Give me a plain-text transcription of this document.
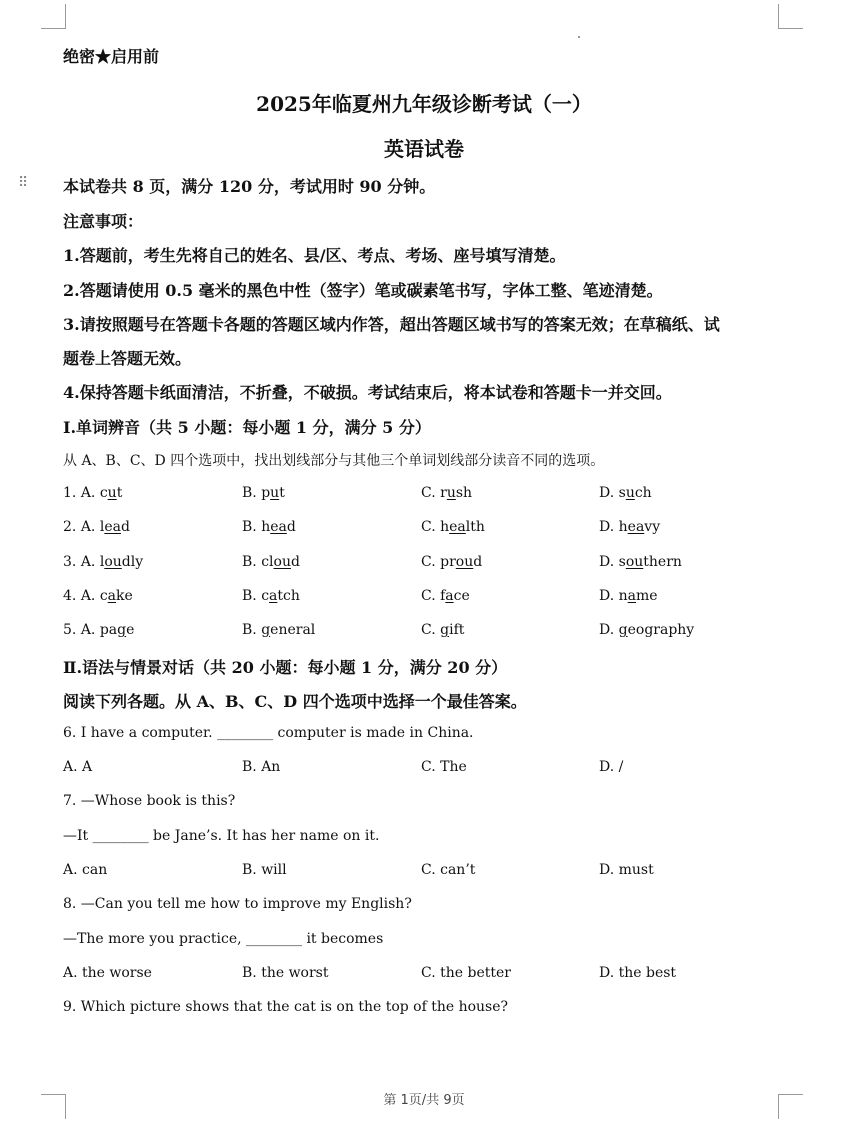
⠿
绝密★启用前
2025年临夏州九年级诊断考试（一）
英语试卷
本试卷共 8 页，满分 120 分，考试用时 90 分钟。
注意事项：
1.答题前，考生先将自己的姓名、县/区、考点、考场、座号填写清楚。
2.答题请使用 0.5 毫米的黑色中性（签字）笔或碳素笔书写，字体工整、笔迹清楚。
3.请按照题号在答题卡各题的答题区域内作答，超出答题区域书写的答案无效；在草稿纸、试
题卷上答题无效。
4.保持答题卡纸面清洁，不折叠，不破损。考试结束后，将本试卷和答题卡一并交回。
I.单词辨音（共 5 小题：每小题 1 分，满分 5 分）
从 A、B、C、D 四个选项中，找出划线部分与其他三个单词划线部分读音不同的选项。
1. A. cut	B. put	C. rush	D. such
2. A. lead	B. head	C. health	D. heavy
3. A. loudly	B. cloud	C. proud	D. southern
4. A. cake	B. catch	C. face	D. name
5. A. page	B. general	C. gift	D. geography
Ⅱ.语法与情景对话（共 20 小题：每小题 1 分，满分 20 分）
阅读下列各题。从 A、B、C、D 四个选项中选择一个最佳答案。
6. I have a computer. ________ computer is made in China.
A. A	B. An	C. The	D. /
7. —Whose book is this?
—It ________ be Jane’s. It has her name on it.
A. can	B. will	C. can’t	D. must
8. —Can you tell me how to improve my English?
—The more you practice, ________ it becomes
A. the worse	B. the worst	C. the better	D. the best
9. Which picture shows that the cat is on the top of the house?
第 1页/共 9页
